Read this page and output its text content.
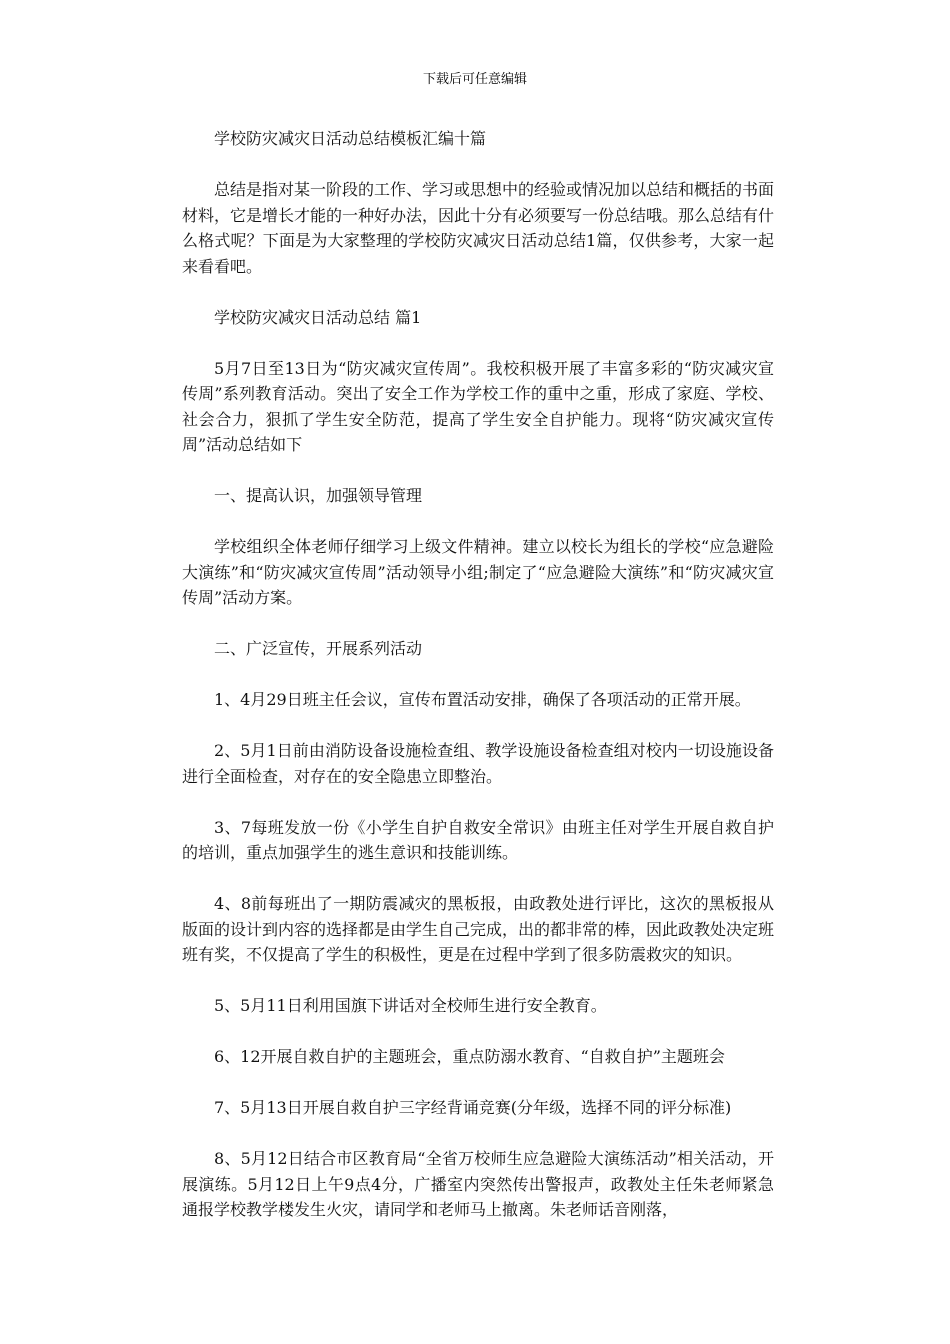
下载后可任意编辑

学校防灾减灾日活动总结模板汇编十篇

总结是指对某一阶段的工作、学习或思想中的经验或情况加以总结和概括的书面材料，它是增长才能的一种好办法，因此十分有必须要写一份总结哦。那么总结有什么格式呢？下面是为大家整理的学校防灾减灾日活动总结1篇，仅供参考，大家一起来看看吧。

学校防灾减灾日活动总结 篇1

5月7日至13日为“防灾减灾宣传周”。我校积极开展了丰富多彩的“防灾减灾宣传周”系列教育活动。突出了安全工作为学校工作的重中之重，形成了家庭、学校、社会合力，狠抓了学生安全防范，提高了学生安全自护能力。现将“防灾减灾宣传周”活动总结如下

一、提高认识，加强领导管理

学校组织全体老师仔细学习上级文件精神。建立以校长为组长的学校“应急避险大演练”和“防灾减灾宣传周”活动领导小组;制定了“应急避险大演练”和“防灾减灾宣传周”活动方案。

二、广泛宣传，开展系列活动

1、4月29日班主任会议，宣传布置活动安排，确保了各项活动的正常开展。

2、5月1日前由消防设备设施检查组、教学设施设备检查组对校内一切设施设备进行全面检查，对存在的安全隐患立即整治。

3、7每班发放一份《小学生自护自救安全常识》由班主任对学生开展自救自护的培训，重点加强学生的逃生意识和技能训练。

4、8前每班出了一期防震减灾的黑板报，由政教处进行评比，这次的黑板报从版面的设计到内容的选择都是由学生自己完成，出的都非常的棒，因此政教处决定班班有奖，不仅提高了学生的积极性，更是在过程中学到了很多防震救灾的知识。

5、5月11日利用国旗下讲话对全校师生进行安全教育。

6、12开展自救自护的主题班会，重点防溺水教育、“自救自护”主题班会

7、5月13日开展自救自护三字经背诵竞赛(分年级，选择不同的评分标准)

8、5月12日结合市区教育局“全省万校师生应急避险大演练活动”相关活动，开展演练。5月12日上午9点4分，广播室内突然传出警报声，政教处主任朱老师紧急通报学校教学楼发生火灾，请同学和老师马上撤离。朱老师话音刚落，
